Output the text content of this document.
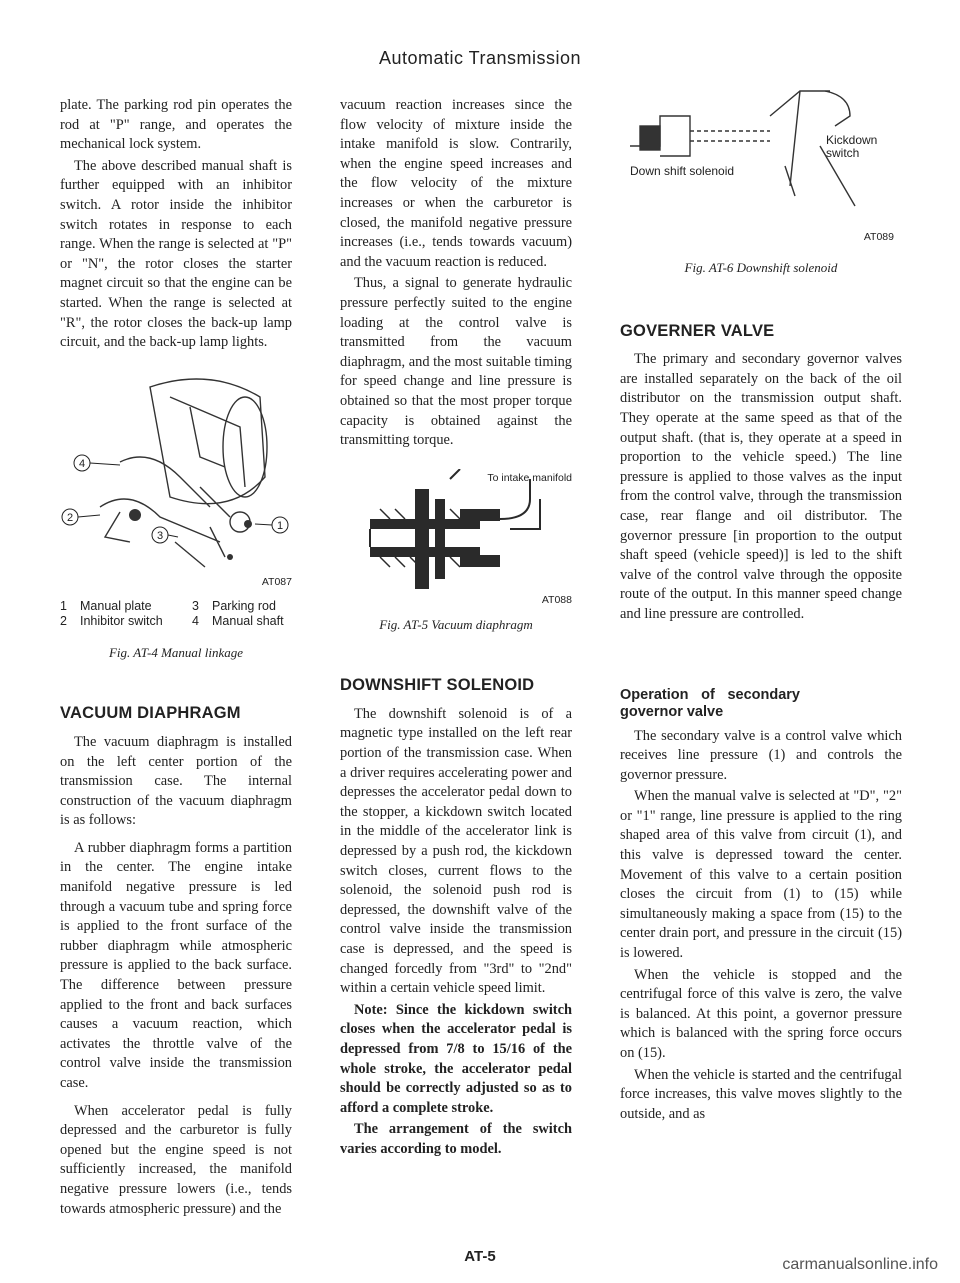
Automatic Transmission

plate. The parking rod pin operates the rod at "P" range, and operates the mechanical lock system.

The above described manual shaft is further equipped with an inhibitor switch. A rotor inside the inhibitor switch rotates in response to each range. When the range is selected at "P" or "N", the rotor closes the starter magnet circuit so that the engine can be started. When the range is selected at "R", the rotor closes the back-up lamp circuit, and the back-up lamp lights.

1
2
3
4
AT087
1	Manual plate	3	Parking rod
2	Inhibitor switch	4	Manual shaft
Fig. AT-4 Manual linkage
VACUUM DIAPHRAGM

The vacuum diaphragm is installed on the left center portion of the transmission case. The internal construction of the vacuum diaphragm is as follows:

A rubber diaphragm forms a partition in the center. The engine intake manifold negative pressure is led through a vacuum tube and spring force is applied to the front surface of the rubber diaphragm while atmospheric pressure is applied to the back surface. The difference between pressure applied to the front and back surfaces causes a vacuum reaction, which activates the throttle valve of the control valve inside the transmission case.

When accelerator pedal is fully depressed and the carburetor is fully opened but the engine speed is not sufficiently increased, the manifold negative pressure lowers (i.e., tends towards atmospheric pressure) and the

vacuum reaction increases since the flow velocity of mixture inside the intake manifold is slow. Contrarily, when the engine speed increases and the flow velocity of the mixture increases or when the carburetor is closed, the manifold negative pressure increases (i.e., tends towards vacuum) and the vacuum reaction is reduced.

Thus, a signal to generate hydraulic pressure perfectly suited to the engine loading at the control valve is transmitted from the vacuum diaphragm, and the most suitable timing for speed change and line pressure is obtained so that the most proper torque capacity is obtained against the transmitting torque.

To intake manifold
AT088
Fig. AT-5 Vacuum diaphragm
DOWNSHIFT SOLENOID

The downshift solenoid is of a magnetic type installed on the left rear portion of the transmission case. When a driver requires accelerating power and depresses the accelerator pedal down to the stopper, a kickdown switch located in the middle of the accelerator link is depressed by a push rod, the kickdown switch closes, current flows to the solenoid, the solenoid push rod is depressed, the downshift valve of the control valve inside the transmission case is depressed, and the speed is changed forcedly from "3rd" to "2nd" within a certain vehicle speed limit.

Note: Since the kickdown switch closes when the accelerator pedal is depressed from 7/8 to 15/16 of the whole stroke, the accelerator pedal should be correctly adjusted so as to afford a complete stroke.

The arrangement of the switch varies according to model.

Kickdown switch
Down shift solenoid
AT089
Fig. AT-6 Downshift solenoid
GOVERNER VALVE

The primary and secondary governor valves are installed separately on the back of the oil distributor on the transmission output shaft. They operate at the same speed as that of the output shaft. (that is, they operate at a speed in proportion to the vehicle speed.) The line pressure is applied to those valves as the input from the control valve, through the transmission case, rear flange and oil distributor. The governor pressure [in proportion to the output shaft speed (vehicle speed)] is led to the shift valve of the control valve through the opposite route of the output. In this manner speed change and line pressure are controlled.

Operation of secondary governor valve

The secondary valve is a control valve which receives line pressure (1) and controls the governor pressure.

When the manual valve is selected at "D", "2" or "1" range, line pressure is applied to the ring shaped area of this valve from circuit (1), and this valve is depressed toward the center. Movement of this valve to a certain position closes the circuit from (1) to (15) while simultaneously making a space from (15) to the center drain port, and pressure in the circuit (15) is lowered.

When the vehicle is stopped and the centrifugal force of this valve is zero, the valve is balanced. At this point, a governor pressure which is balanced with the spring force occurs on (15).

When the vehicle is started and the centrifugal force increases, this valve moves slightly to the outside, and as

AT-5	carmanualsonline.info
